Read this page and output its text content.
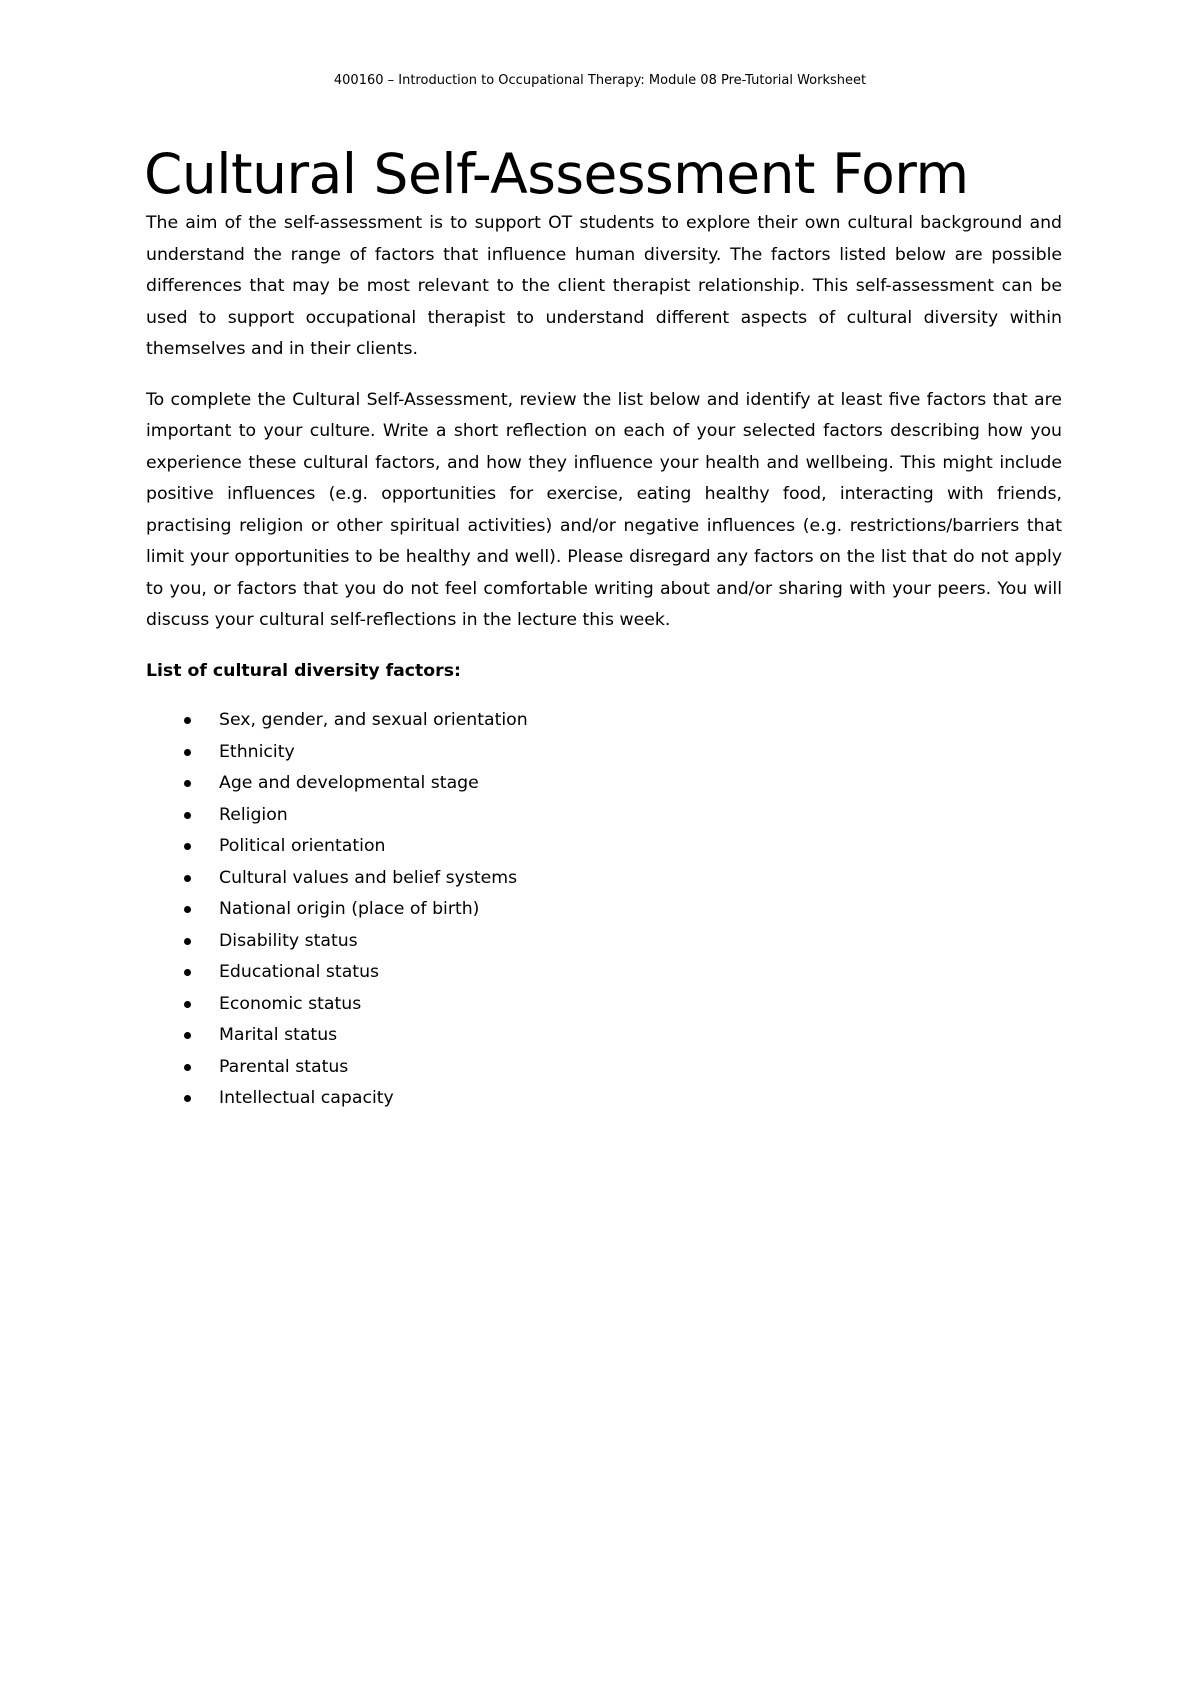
400160 – Introduction to Occupational Therapy: Module 08 Pre-Tutorial Worksheet
Cultural Self-Assessment Form

The aim of the self-assessment is to support OT students to explore their own cultural background and understand the range of factors that influence human diversity. The factors listed below are possible differences that may be most relevant to the client therapist relationship. This self-assessment can be used to support occupational therapist to understand different aspects of cultural diversity within themselves and in their clients.

To complete the Cultural Self-Assessment, review the list below and identify at least five factors that are important to your culture. Write a short reflection on each of your selected factors describing how you experience these cultural factors, and how they influence your health and wellbeing. This might include positive influences (e.g. opportunities for exercise, eating healthy food, interacting with friends, practising religion or other spiritual activities) and/or negative influences (e.g. restrictions/barriers that limit your opportunities to be healthy and well). Please disregard any factors on the list that do not apply to you, or factors that you do not feel comfortable writing about and/or sharing with your peers. You will discuss your cultural self-reflections in the lecture this week.

List of cultural diversity factors:
Sex, gender, and sexual orientation
Ethnicity
Age and developmental stage
Religion
Political orientation
Cultural values and belief systems
National origin (place of birth)
Disability status
Educational status
Economic status
Marital status
Parental status
Intellectual capacity
